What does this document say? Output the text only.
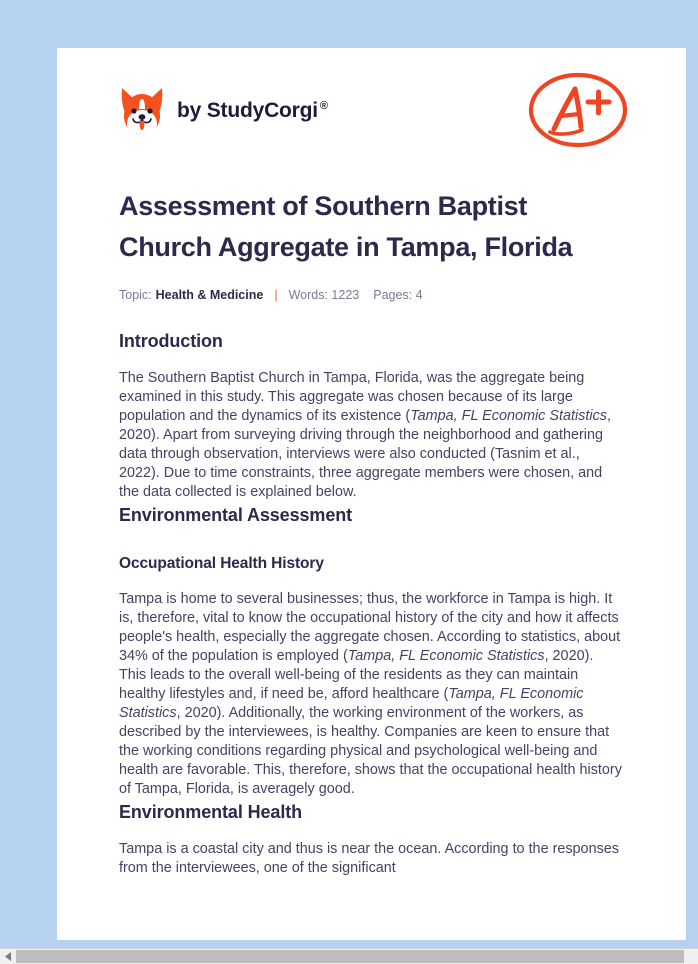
by StudyCorgi ®
Assessment of Southern Baptist Church Aggregate in Tampa, Florida
Topic: Health & Medicine | Words: 1223 Pages: 4
Introduction

The Southern Baptist Church in Tampa, Florida, was the aggregate being examined in this study. This aggregate was chosen because of its large population and the dynamics of its existence (Tampa, FL Economic Statistics, 2020). Apart from surveying driving through the neighborhood and gathering data through observation, interviews were also conducted (Tasnim et al., 2022). Due to time constraints, three aggregate members were chosen, and the data collected is explained below.

Environmental Assessment
Occupational Health History

Tampa is home to several businesses; thus, the workforce in Tampa is high. It is, therefore, vital to know the occupational history of the city and how it affects people's health, especially the aggregate chosen. According to statistics, about 34% of the population is employed (Tampa, FL Economic Statistics, 2020). This leads to the overall well-being of the residents as they can maintain healthy lifestyles and, if need be, afford healthcare (Tampa, FL Economic Statistics, 2020). Additionally, the working environment of the workers, as described by the interviewees, is healthy. Companies are keen to ensure that the working conditions regarding physical and psychological well-being and health are favorable. This, therefore, shows that the occupational health history of Tampa, Florida, is averagely good.

Environmental Health

Tampa is a coastal city and thus is near the ocean. According to the responses from the interviewees, one of the significant
